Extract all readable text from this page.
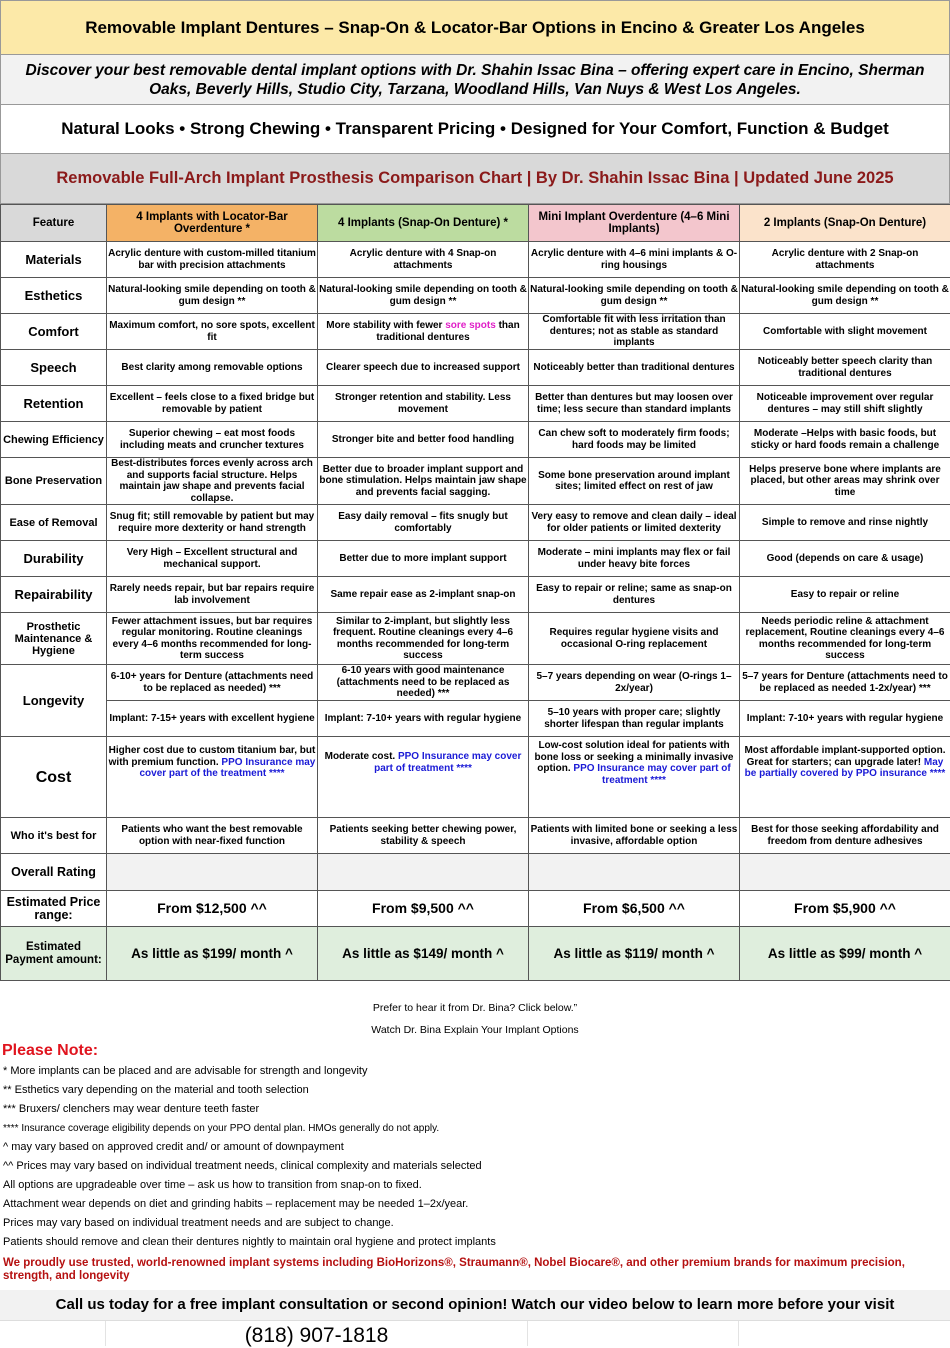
Removable Implant Dentures – Snap-On & Locator-Bar Options in Encino & Greater Los Angeles
Discover your best removable dental implant options with Dr. Shahin Issac Bina – offering expert care in Encino, Sherman Oaks, Beverly Hills, Studio City, Tarzana, Woodland Hills, Van Nuys & West Los Angeles.
Natural Looks • Strong Chewing • Transparent Pricing • Designed for Your Comfort, Function & Budget
Removable Full-Arch Implant Prosthesis Comparison Chart | By Dr. Shahin Issac Bina | Updated June 2025
Feature	4 Implants with Locator-Bar Overdenture *	4 Implants (Snap-On Denture) *	Mini Implant Overdenture (4–6 Mini Implants)	2 Implants (Snap-On Denture)
Materials	Acrylic denture with custom-milled titanium bar with precision attachments	Acrylic denture with 4 Snap-on attachments	Acrylic denture with 4–6 mini implants & O-ring housings	Acrylic denture with 2 Snap-on attachments
Esthetics	Natural-looking smile depending on tooth & gum design **	Natural-looking smile depending on tooth & gum design **	Natural-looking smile depending on tooth & gum design **	Natural-looking smile depending on tooth & gum design **
Comfort	Maximum comfort, no sore spots, excellent fit	More stability with fewer sore spots than traditional dentures	Comfortable fit with less irritation than dentures; not as stable as standard implants	Comfortable with slight movement
Speech	Best clarity among removable options	Clearer speech due to increased support	Noticeably better than traditional dentures	Noticeably better speech clarity than traditional dentures
Retention	Excellent – feels close to a fixed bridge but removable by patient	Stronger retention and stability. Less movement	Better than dentures but may loosen over time; less secure than standard implants	Noticeable improvement over regular dentures – may still shift slightly
Chewing Efficiency	Superior chewing – eat most foods including meats and cruncher textures	Stronger bite and better food handling	Can chew soft to moderately firm foods; hard foods may be limited	Moderate –Helps with basic foods, but sticky or hard foods remain a challenge
Bone Preservation	Best-distributes forces evenly across arch and supports facial structure. Helps maintain jaw shape and prevents facial collapse.	Better due to broader implant support and bone stimulation. Helps maintain jaw shape and prevents facial sagging.	Some bone preservation around implant sites; limited effect on rest of jaw	Helps preserve bone where implants are placed, but other areas may shrink over time
Ease of Removal	Snug fit; still removable by patient but may require more dexterity or hand strength	Easy daily removal – fits snugly but comfortably	Very easy to remove and clean daily – ideal for older patients or limited dexterity	Simple to remove and rinse nightly
Durability	Very High – Excellent structural and mechanical support.	Better due to more implant support	Moderate – mini implants may flex or fail under heavy bite forces	Good (depends on care & usage)
Repairability	Rarely needs repair, but bar repairs require lab involvement	Same repair ease as 2-implant snap-on	Easy to repair or reline; same as snap-on dentures	Easy to repair or reline
Prosthetic Maintenance & Hygiene	Fewer attachment issues, but bar requires regular monitoring. Routine cleanings every 4–6 months recommended for long-term success	Similar to 2-implant, but slightly less frequent. Routine cleanings every 4–6 months recommended for long-term success	Requires regular hygiene visits and occasional O-ring replacement	Needs periodic reline & attachment replacement, Routine cleanings every 4–6 months recommended for long-term success
Longevity	6-10+ years for Denture (attachments need to be replaced as needed) ***	6-10 years with good maintenance (attachments need to be replaced as needed) ***	5–7 years depending on wear (O-rings 1–2x/year)	5–7 years for Denture (attachments need to be replaced as needed 1-2x/year) ***
	Implant: 7-15+ years with excellent hygiene	Implant: 7-10+ years with regular hygiene	5–10 years with proper care; slightly shorter lifespan than regular implants	Implant: 7-10+ years with regular hygiene
Cost	Higher cost due to custom titanium bar, but with premium function. PPO Insurance may cover part of the treatment ****	Moderate cost. PPO Insurance may cover part of treatment ****	Low-cost solution ideal for patients with bone loss or seeking a minimally invasive option. PPO Insurance may cover part of treatment ****	Most affordable implant-supported option. Great for starters; can upgrade later! May be partially covered by PPO insurance ****
Who it's best for	Patients who want the best removable option with near-fixed function	Patients seeking better chewing power, stability & speech	Patients with limited bone or seeking a less invasive, affordable option	Best for those seeking affordability and freedom from denture adhesives
Overall Rating				
Estimated Price range:	From $12,500 ^^	From $9,500 ^^	From $6,500 ^^	From $5,900 ^^
Estimated Payment amount:	As little as $199/ month ^	As little as $149/ month ^	As little as $119/ month ^	As little as $99/ month ^
Prefer to hear it from Dr. Bina? Click below.”
Watch Dr. Bina Explain Your Implant Options
Please Note:
* More implants can be placed and are advisable for strength and longevity
** Esthetics vary depending on the material and tooth selection
*** Bruxers/ clenchers may wear denture teeth faster
**** Insurance coverage eligibility depends on your PPO dental plan. HMOs generally do not apply.
^ may vary based on approved credit and/ or amount of downpayment
^^ Prices may vary based on individual treatment needs, clinical complexity and materials selected
All options are upgradeable over time – ask us how to transition from snap-on to fixed.
Attachment wear depends on diet and grinding habits – replacement may be needed 1–2x/year.
Prices may vary based on individual treatment needs and are subject to change.
Patients should remove and clean their dentures nightly to maintain oral hygiene and protect implants
We proudly use trusted, world-renowned implant systems including BioHorizons®, Straumann®, Nobel Biocare®, and other premium brands for maximum precision, strength, and longevity
Call us today for a free implant consultation or second opinion! Watch our video below to learn more before your visit
(818) 907-1818
